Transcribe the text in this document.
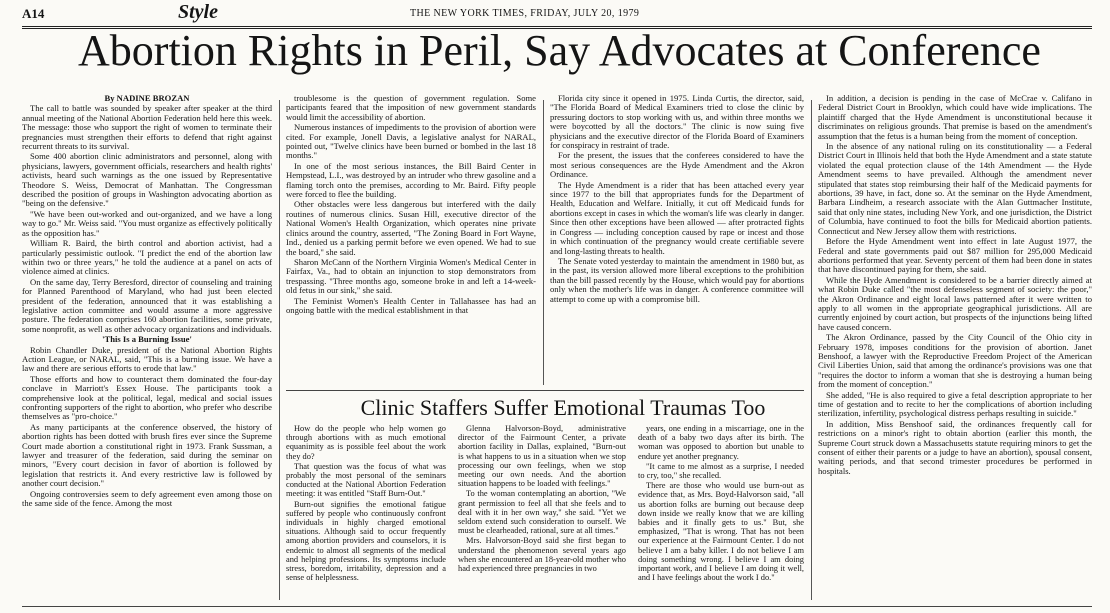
A14	Style	THE NEW YORK TIMES, FRIDAY, JULY 20, 1979
Abortion Rights in Peril, Say Advocates at Conference

By NADINE BROZAN

The call to battle was sounded by speaker after speaker at the third annual meeting of the National Abortion Federation held here this week. The message: those who support the right of women to terminate their pregnancies must strengthen their efforts to defend that right against recurrent threats to its survival.

Some 400 abortion clinic administrators and personnel, along with physicians, lawyers, government officials, researchers and health rights' activists, heard such warnings as the one issued by Representative Theodore S. Weiss, Democrat of Manhattan. The Congressman described the position of groups in Washington advocating abortion as "being on the defensive."

"We have been out-worked and out-organized, and we have a long way to go." Mr. Weiss said. "You must organize as effectively politically as the opposition has."

William R. Baird, the birth control and abortion activist, had a particularly pessimistic outlook. "I predict the end of the abortion law within two or three years," he told the audience at a panel on acts of violence aimed at clinics.

On the same day, Terry Beresford, director of counseling and training for Planned Parenthood of Maryland, who had just been elected president of the federation, announced that it was establishing a legislative action committee and would assume a more aggressive posture. The federation comprises 160 abortion facilities, some private, some nonprofit, as well as other advocacy organizations and individuals.

'This Is a Burning Issue'

Robin Chandler Duke, president of the National Abortion Rights Action League, or NARAL, said, "This is a burning issue. We have a law and there are serious efforts to erode that law."

Those efforts and how to counteract them dominated the four-day conclave in Marriott's Essex House. The participants took a comprehensive look at the political, legal, medical and social issues confronting supporters of the right to abortion, who prefer who describe themselves as "pro-choice."

As many participants at the conference observed, the history of abortion rights has been dotted with brush fires ever since the Supreme Court made abortion a constitutional right in 1973. Frank Sussman, a lawyer and treasurer of the federation, said during the seminar on minors, "Every court decision in favor of abortion is followed by legislation that restricts it. And every restrictive law is followed by another court decision."

Ongoing controversies seem to defy agreement even among those on the same side of the fence. Among the most

troublesome is the question of government regulation. Some participants feared that the imposition of new government standards would limit the accessibility of abortion.

Numerous instances of impediments to the provision of abortion were cited. For example, Jonell Davis, a legislative analyst for NARAL, pointed out, "Twelve clinics have been burned or bombed in the last 18 months."

In one of the most serious instances, the Bill Baird Center in Hempstead, L.I., was destroyed by an intruder who threw gasoline and a flaming torch onto the premises, according to Mr. Baird. Fifty people were forced to flee the building.

Other obstacles were less dangerous but interfered with the daily routines of numerous clinics. Susan Hill, executive director of the National Women's Health Organization, which operates nine private clinics around the country, asserted, "The Zoning Board in Fort Wayne, Ind., denied us a parking permit before we even opened. We had to sue the board," she said.

Sharon McCann of the Northern Virginia Women's Medical Center in Fairfax, Va., had to obtain an injunction to stop demonstrators from trespassing. "Three months ago, someone broke in and left a 14-week-old fetus in our sink," she said.

The Feminist Women's Health Center in Tallahassee has had an ongoing battle with the medical establishment in that

Florida city since it opened in 1975. Linda Curtis, the director, said, "The Florida Board of Medical Examiners tried to close the clinic by pressuring doctors to stop working with us, and within three months we were boycotted by all the doctors." The clinic is now suing five physicians and the executive director of the Florida Board of Examiners for conspiracy in restraint of trade.

For the present, the issues that the conferees considered to have the most serious consequences are the Hyde Amendment and the Akron Ordinance.

The Hyde Amendment is a rider that has been attached every year since 1977 to the bill that appropriates funds for the Department of Health, Education and Welfare. Initially, it cut off Medicaid funds for abortions except in cases in which the woman's life was clearly in danger. Since then other exceptions have been allowed — after protracted fights in Congress — including conception caused by rape or incest and those in which continuation of the pregnancy would create certifiable severe and long-lasting threats to health.

The Senate voted yesterday to maintain the amendment in 1980 but, as in the past, its version allowed more liberal exceptions to the prohibition than the bill passed recently by the House, which would pay for abortions only when the mother's life was in danger. A conference committee will attempt to come up with a compromise bill.

In addition, a decision is pending in the case of McCrae v. Califano in Federal District Court in Brooklyn, which could have wide implications. The plaintiff charged that the Hyde Amendment is unconstitutional because it discriminates on religious grounds. That premise is based on the amendment's assumption that the fetus is a human being from the moment of conception.

In the absence of any national ruling on its constitutionality — a Federal District Court in Illinois held that both the Hyde Amendment and a state statute violated the equal protection clause of the 14th Amendment — the Hyde Amendment seems to have prevailed. Although the amendment never stipulated that states stop reimbursing their half of the Medicaid payments for abortions, 39 have, in fact, done so. At the seminar on the Hyde Amendment, Barbara Lindheim, a research associate with the Alan Guttmacher Institute, said that only nine states, including New York, and one jurisdiction, the District of Columbia, have continued to foot the bills for Medicaid abortion patients. Connecticut and New Jersey allow them with restrictions.

Before the Hyde Amendment went into effect in late August 1977, the Federal and state governments paid out $87 million for 295,000 Medicaid abortions performed that year. Seventy percent of them had been done in states that have discontinued paying for them, she said.

While the Hyde Amendment is considered to be a barrier directly aimed at what Robin Duke called "the most defenseless segment of society: the poor," the Akron Ordinance and eight local laws patterned after it were written to apply to all women in the appropriate geographical jurisdictions. All are currently enjoined by court action, but prospects of the injunctions being lifted have caused concern.

The Akron Ordinance, passed by the City Council of the Ohio city in February 1978, imposes conditions for the provision of abortion. Janet Benshoof, a lawyer with the Reproductive Freedom Project of the American Civil Liberties Union, said that among the ordinance's provisions was one that "requires the doctor to inform a woman that she is destroying a human being from the moment of conception."

She added, "He is also required to give a fetal description appropriate to her time of gestation and to recite to her the complications of abortion including sterilization, infertility, psychological distress perhaps resulting in suicide."

In addition, Miss Benshoof said, the ordinances frequently call for restrictions on a minor's right to obtain abortion (earlier this month, the Supreme Court struck down a Massachusetts statute requiring minors to get the consent of either their parents or a judge to have an abortion), spousal consent, waiting periods, and that second trimester procedures be performed in hospitals.

Clinic Staffers Suffer Emotional Traumas Too

How do the people who help women go through abortions with as much emotional equanimity as is possible feel about the work they do?

That question was the focus of what was probably the most personal of the seminars conducted at the National Abortion Federation meeting: it was entitled "Staff Burn-Out."

Burn-out signifies the emotional fatigue suffered by people who continuously confront individuals in highly charged emotional situations. Although said to occur frequently among abortion providers and counselors, it is endemic to almost all segments of the medical and helping professions. Its symptoms include stress, boredom, irritability, depression and a sense of helplessness.

Glenna Halvorson-Boyd, administrative director of the Fairmount Center, a private abortion facility in Dallas, explained, "Burn-out is what happens to us in a situation when we stop processing our own feelings, when we stop meeting our own needs. And the abortion situation happens to be loaded with feelings."

To the woman contemplating an abortion, "We grant permission to feel all that she feels and to deal with it in her own way," she said. "Yet we seldom extend such consideration to ourself. We must be clearheaded, rational, sure at all times."

Mrs. Halvorson-Boyd said she first began to understand the phenomenon several years ago when she encountered an 18-year-old mother who had experienced three pregnancies in two

years, one ending in a miscarriage, one in the death of a baby two days after its birth. The woman was opposed to abortion but unable to endure yet another pregnancy.

"It came to me almost as a surprise, I needed to cry, too," she recalled.

There are those who would use burn-out as evidence that, as Mrs. Boyd-Halvorson said, "all us abortion folks are burning out because deep down inside we really know that we are killing babies and it finally gets to us." But, she emphasized, "That is wrong. That has not been our experience at the Fairmount Center. I do not believe I am a baby killer. I do not believe I am doing something wrong. I believe I am doing important work, and I believe I am doing it well, and I have feelings about the work I do."
